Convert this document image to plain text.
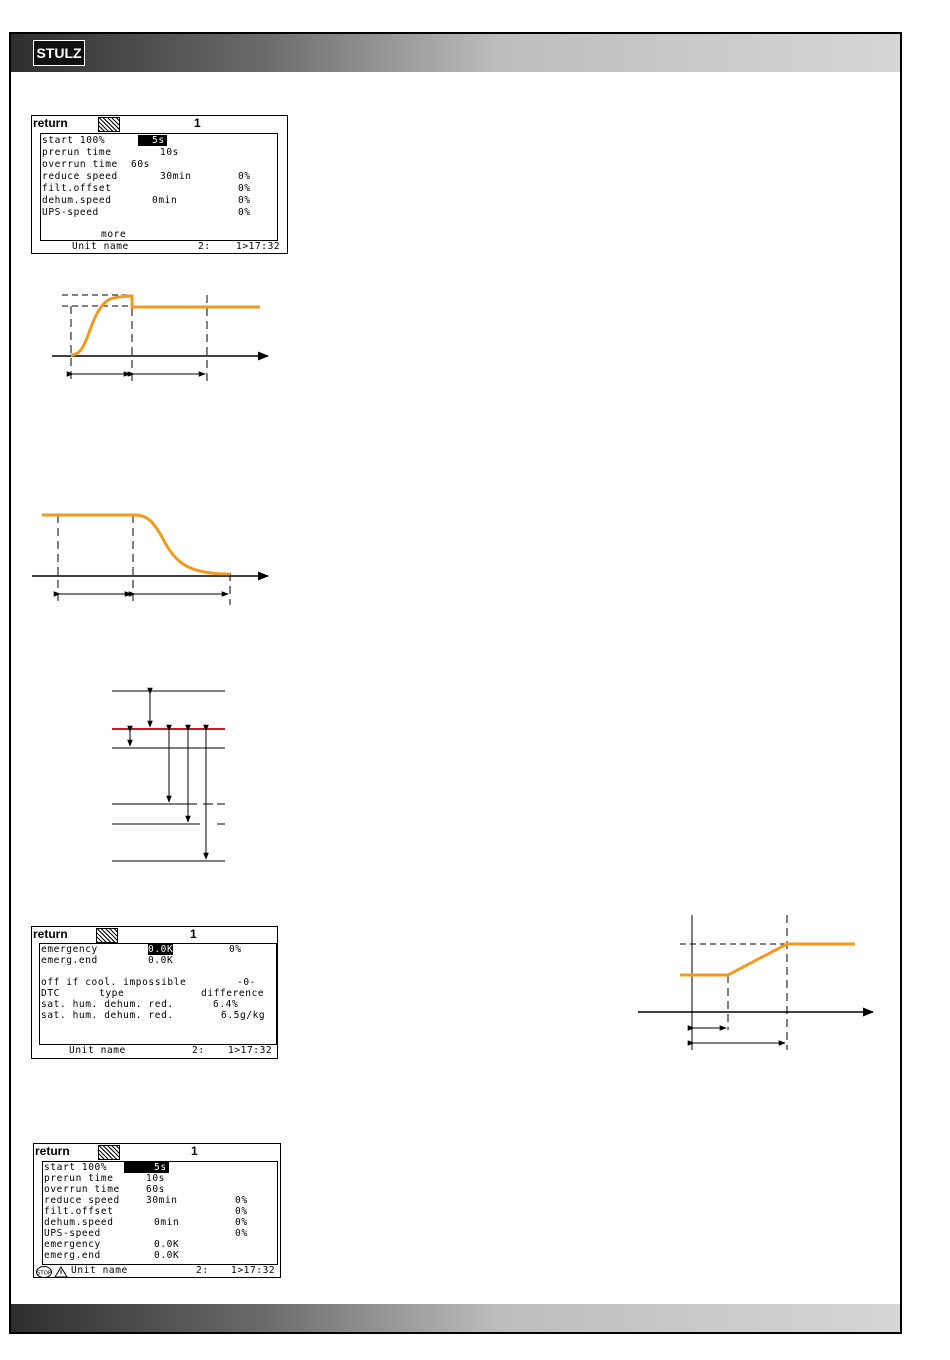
STULZ
return	1
start 100%	5s
prerun time	10s
overrun time 60s
reduce speed	30min	0%
filt.offset	0%
dehum.speed	0min	0%
UPS-speed	0%
more
Unit name	2:	1>17:32
return	1
emergency	0.0K	0%
emerg.end	0.0K
off if cool. impossible	-0-
DTC	type	difference
sat. hum. dehum. red.	6.4%
sat. hum. dehum. red.	6.5g/kg
Unit name	2: 1>17:32
return	1
start 100%	5s
prerun time	10s
overrun time	60s
reduce speed	30min	0%
filt.offset	0%
dehum.speed	0min	0%
UPS-speed	0%
emergency	0.0K
emerg.end	0.0K
STOP Unit name	2: 1>17:32
